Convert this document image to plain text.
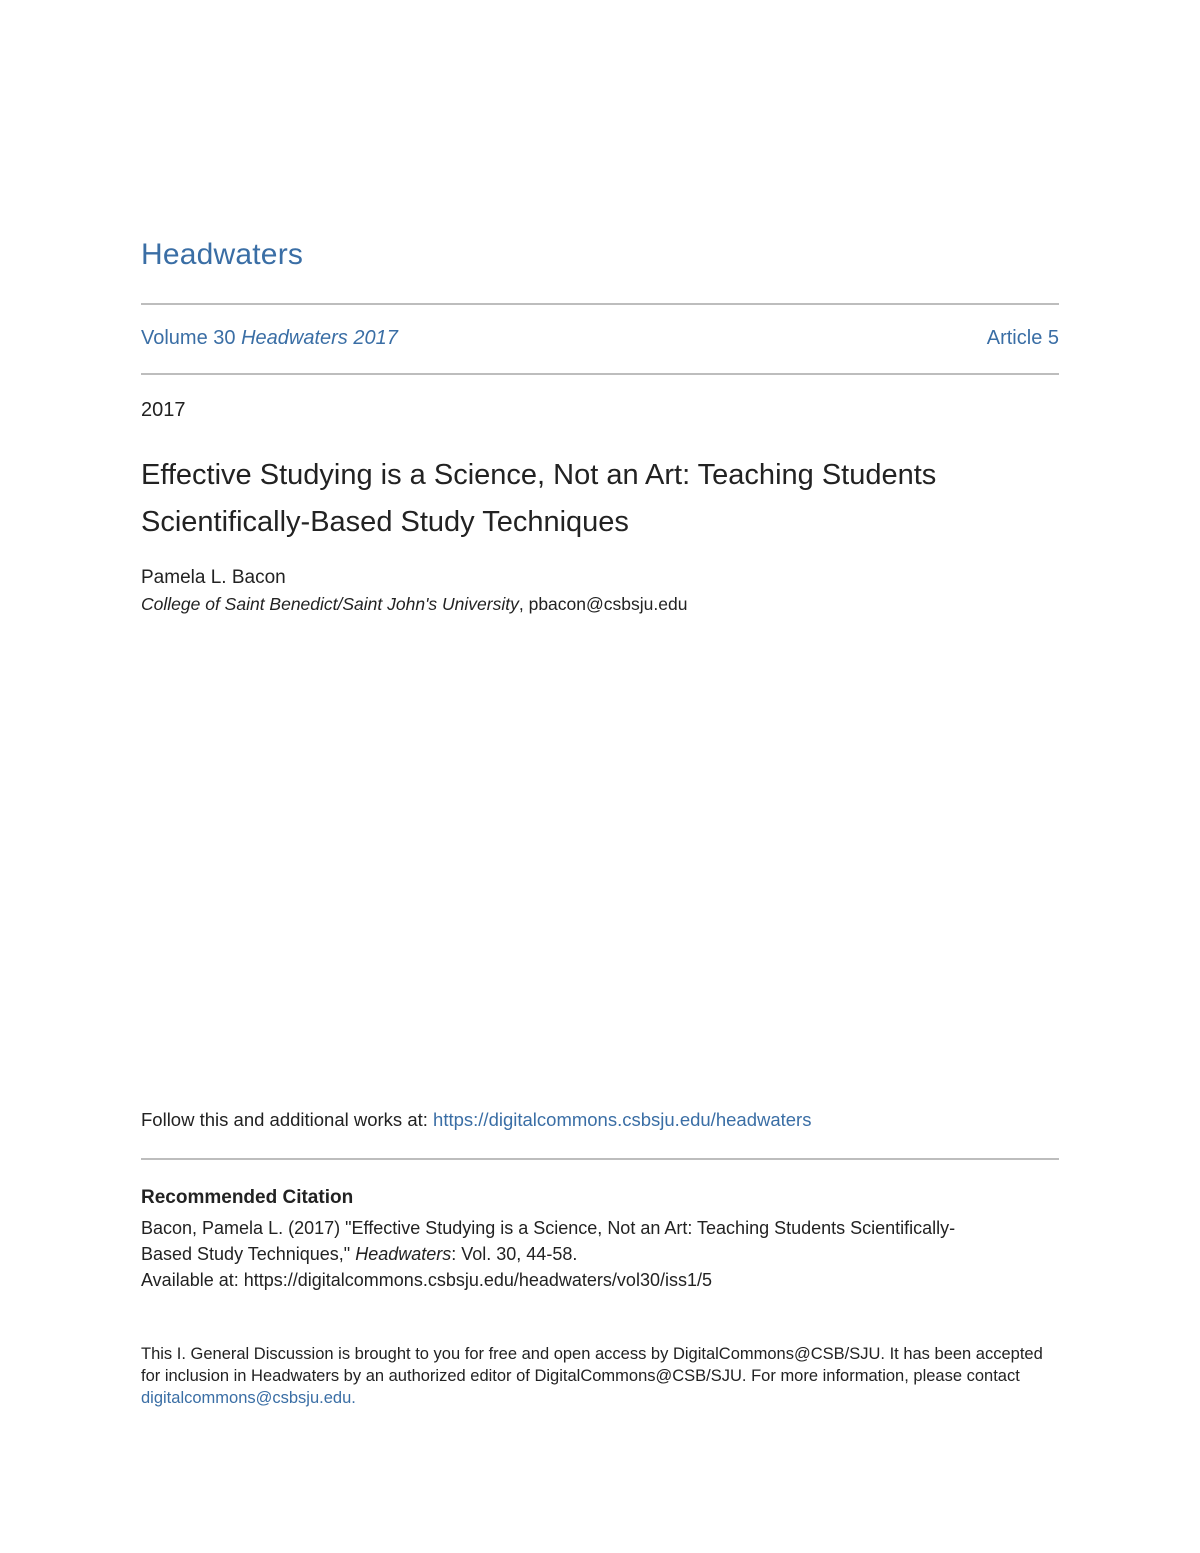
Headwaters
Volume 30 Headwaters 2017	Article 5
2017
Effective Studying is a Science, Not an Art: Teaching Students
Scientifically-Based Study Techniques
Pamela L. Bacon
College of Saint Benedict/Saint John's University, pbacon@csbsju.edu
Follow this and additional works at: https://digitalcommons.csbsju.edu/headwaters
Recommended Citation
Bacon, Pamela L. (2017) "Effective Studying is a Science, Not an Art: Teaching Students Scientifically-
Based Study Techniques," Headwaters: Vol. 30, 44-58.
Available at: https://digitalcommons.csbsju.edu/headwaters/vol30/iss1/5
This I. General Discussion is brought to you for free and open access by DigitalCommons@CSB/SJU. It has been accepted for inclusion in Headwaters by an authorized editor of DigitalCommons@CSB/SJU. For more information, please contact digitalcommons@csbsju.edu.
